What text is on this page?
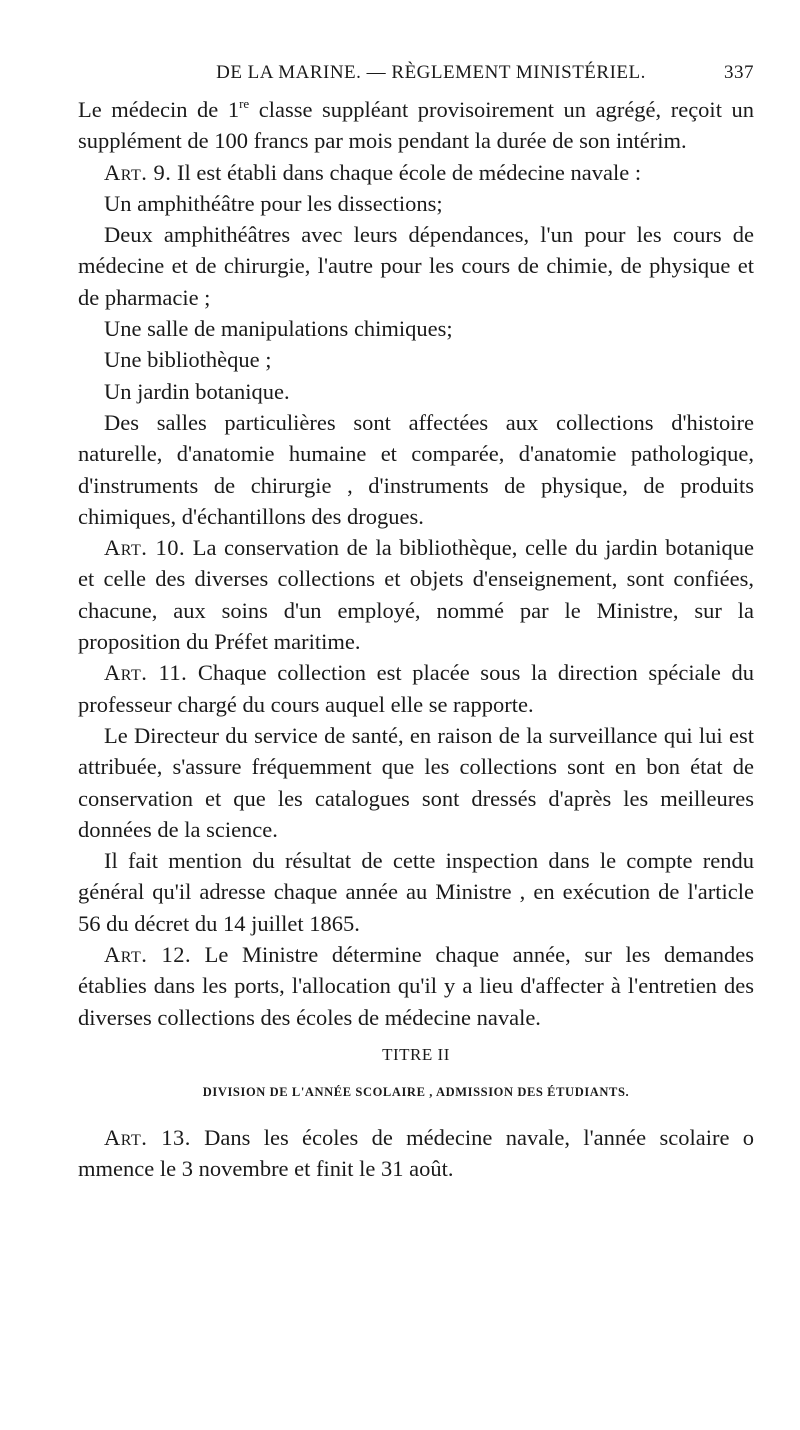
DE LA MARINE. — RÈGLEMENT MINISTÉRIEL.	337

Le médecin de 1re classe suppléant provisoirement un agrégé, reçoit un supplément de 100 francs par mois pendant la durée de son intérim.

Art. 9. Il est établi dans chaque école de médecine navale :

Un amphithéâtre pour les dissections;

Deux amphithéâtres avec leurs dépendances, l'un pour les cours de médecine et de chirurgie, l'autre pour les cours de chimie, de physique et de pharmacie ;

Une salle de manipulations chimiques;

Une bibliothèque ;

Un jardin botanique.

Des salles particulières sont affectées aux collections d'histoire naturelle, d'anatomie humaine et comparée, d'anatomie pathologique, d'instruments de chirurgie , d'instruments de physique, de produits chimiques, d'échantillons des drogues.

Art. 10. La conservation de la bibliothèque, celle du jardin botanique et celle des diverses collections et objets d'enseignement, sont confiées, chacune, aux soins d'un employé, nommé par le Ministre, sur la proposition du Préfet maritime.

Art. 11. Chaque collection est placée sous la direction spéciale du professeur chargé du cours auquel elle se rapporte.

Le Directeur du service de santé, en raison de la surveillance qui lui est attribuée, s'assure fréquemment que les collections sont en bon état de conservation et que les catalogues sont dressés d'après les meilleures données de la science.

Il fait mention du résultat de cette inspection dans le compte rendu général qu'il adresse chaque année au Ministre , en exécution de l'article 56 du décret du 14 juillet 1865.

Art. 12. Le Ministre détermine chaque année, sur les demandes établies dans les ports, l'allocation qu'il y a lieu d'affecter à l'entretien des diverses collections des écoles de médecine navale.

TITRE II
DIVISION DE L'ANNÉE SCOLAIRE , ADMISSION DES ÉTUDIANTS.

Art. 13. Dans les écoles de médecine navale, l'année scolaire o mmence le 3 novembre et finit le 31 août.
